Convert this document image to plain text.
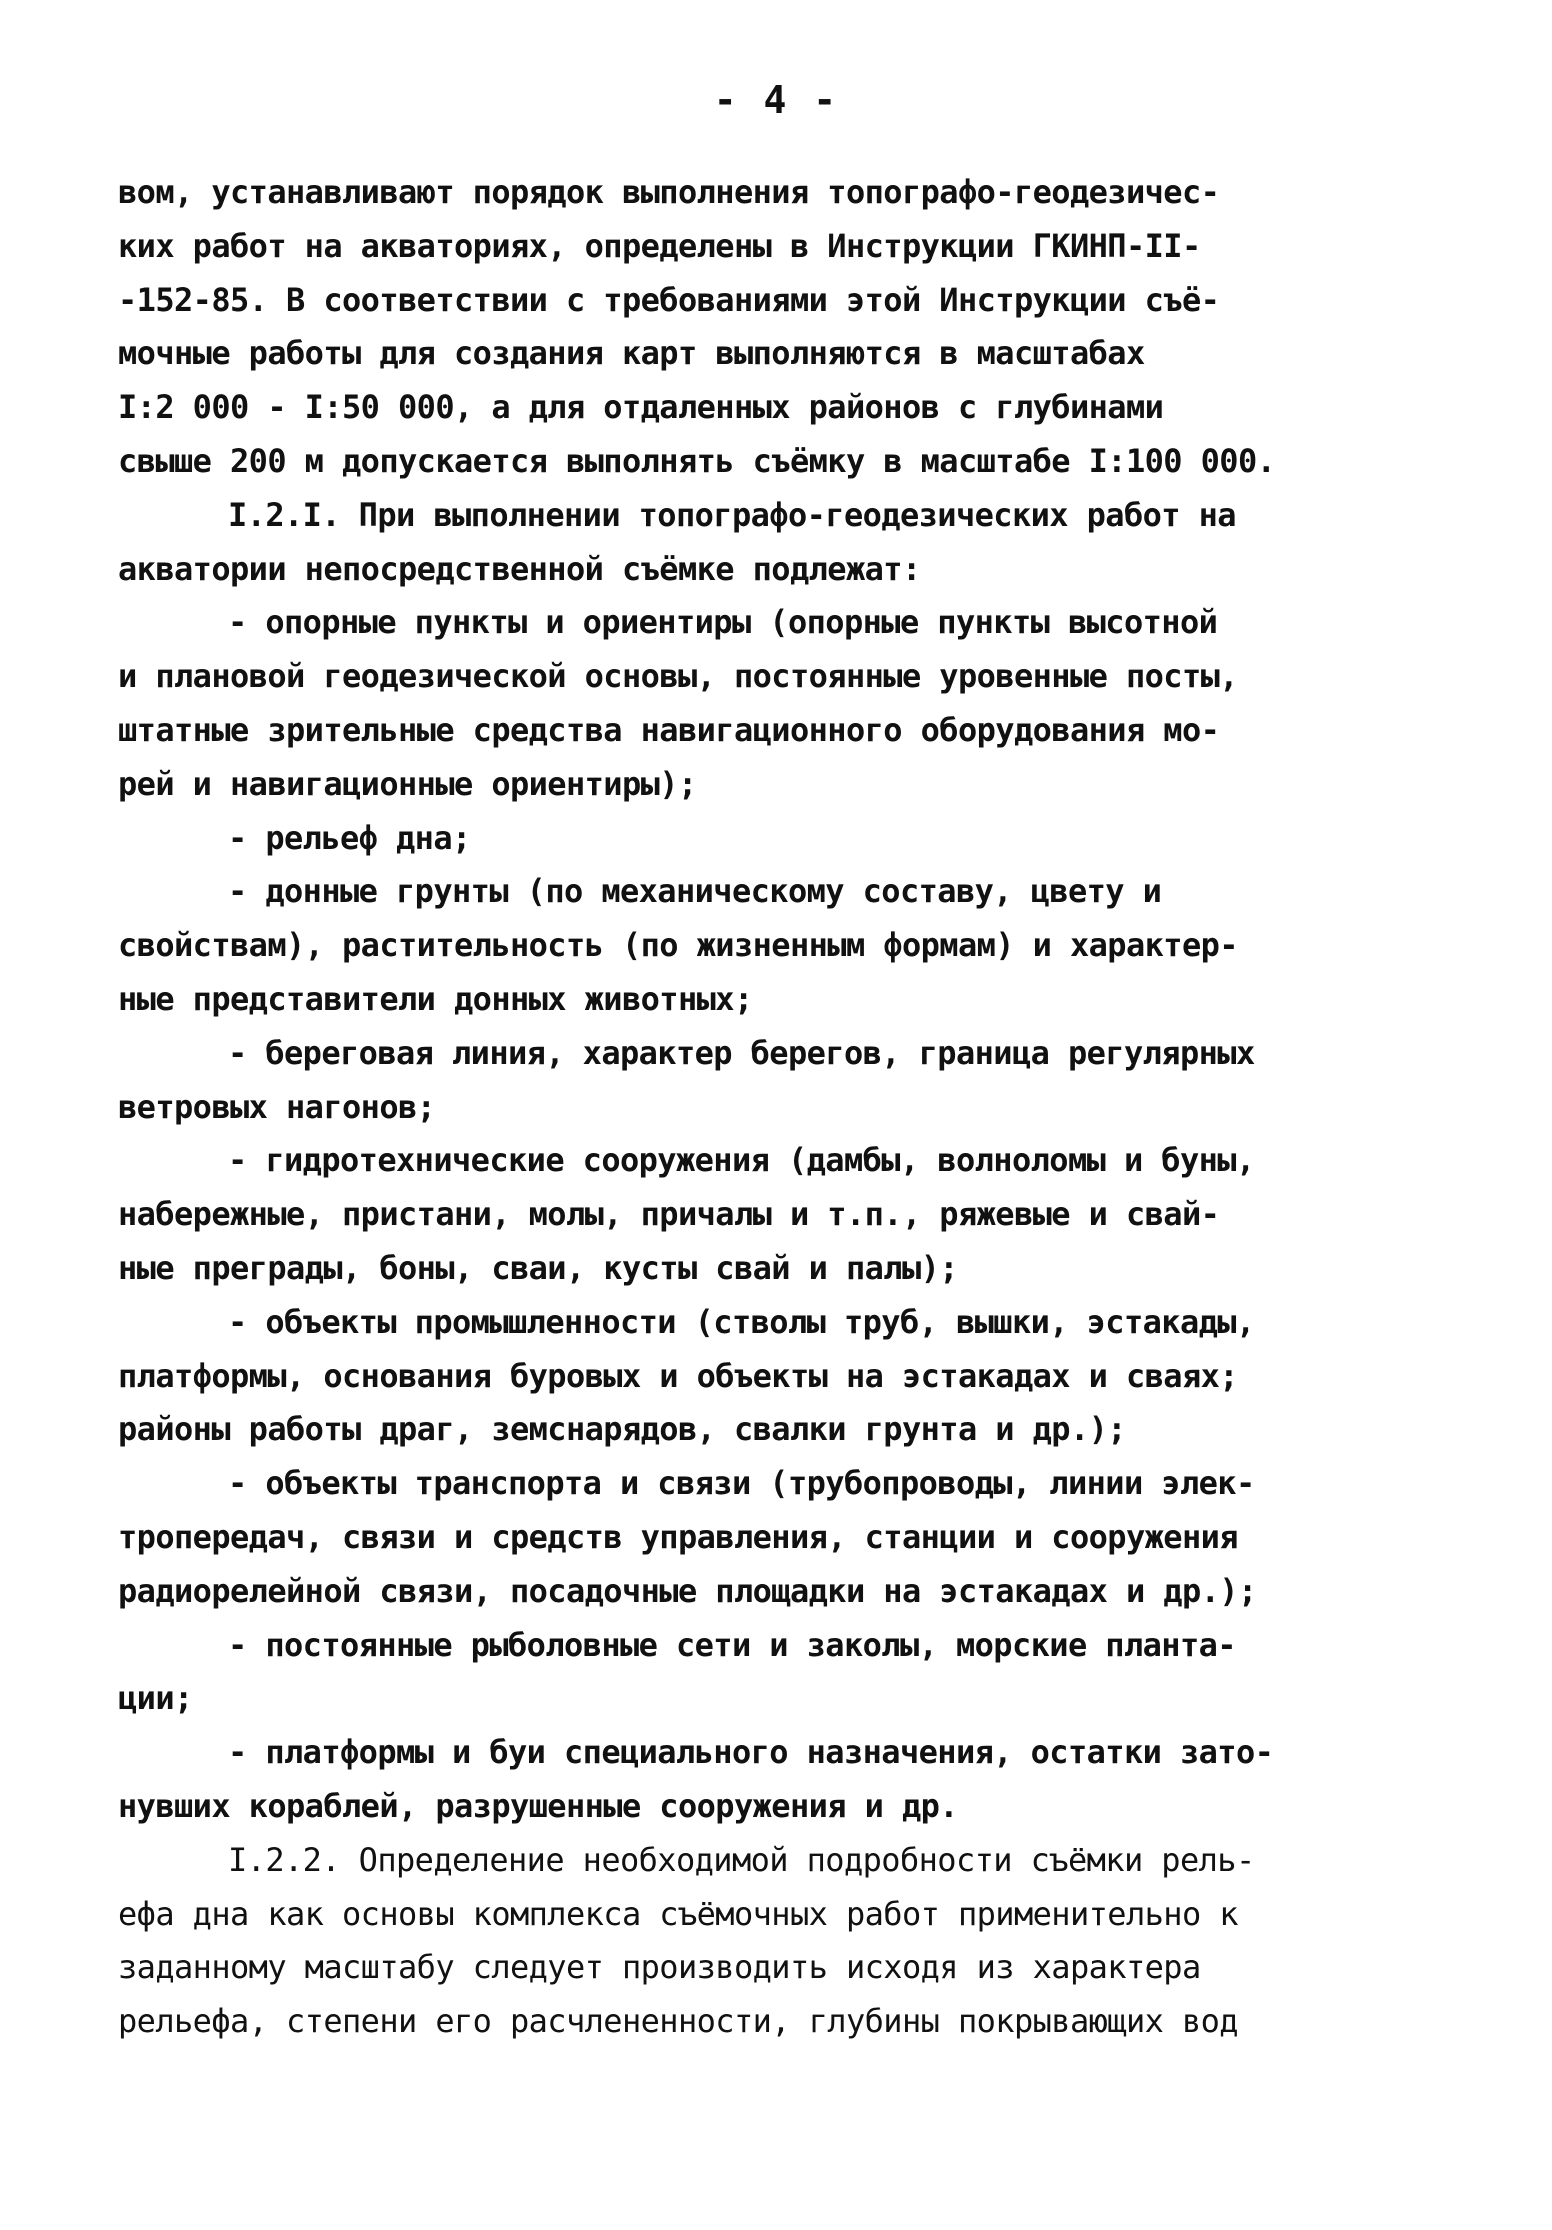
- 4 -
вом, устанавливают порядок выполнения топографо-геодезичес-
ких работ на акваториях, определены в Инструкции ГКИНП-II-
-152-85. В соответствии с требованиями этой Инструкции съё-
мочные работы для создания карт выполняются в масштабах
I:2 000 - I:50 000, а для отдаленных районов с глубинами
свыше 200 м допускается выполнять съёмку в масштабе I:100 000.
I.2.I. При выполнении топографо-геодезических работ на
акватории непосредственной съёмке подлежат:
- опорные пункты и ориентиры (опорные пункты высотной
и плановой геодезической основы, постоянные уровенные посты,
штатные зрительные средства навигационного оборудования мо-
рей и навигационные ориентиры);
- рельеф дна;
- донные грунты (по механическому составу, цвету и
свойствам), растительность (по жизненным формам) и характер-
ные представители донных животных;
- береговая линия, характер берегов, граница регулярных
ветровых нагонов;
- гидротехнические сооружения (дамбы, волноломы и буны,
набережные, пристани, молы, причалы и т.п., ряжевые и свай-
ные преграды, боны, сваи, кусты свай и палы);
- объекты промышленности (стволы труб, вышки, эстакады,
платформы, основания буровых и объекты на эстакадах и сваях;
районы работы драг, земснарядов, свалки грунта и др.);
- объекты транспорта и связи (трубопроводы, линии элек-
тропередач, связи и средств управления, станции и сооружения
радиорелейной связи, посадочные площадки на эстакадах и др.);
- постоянные рыболовные сети и заколы, морские планта-
ции;
- платформы и буи специального назначения, остатки зато-
нувших кораблей, разрушенные сооружения и др.
I.2.2. Определение необходимой подробности съёмки рель-
ефа дна как основы комплекса съёмочных работ применительно к
заданному масштабу следует производить исходя из характера
рельефа, степени его расчлененности, глубины покрывающих вод
